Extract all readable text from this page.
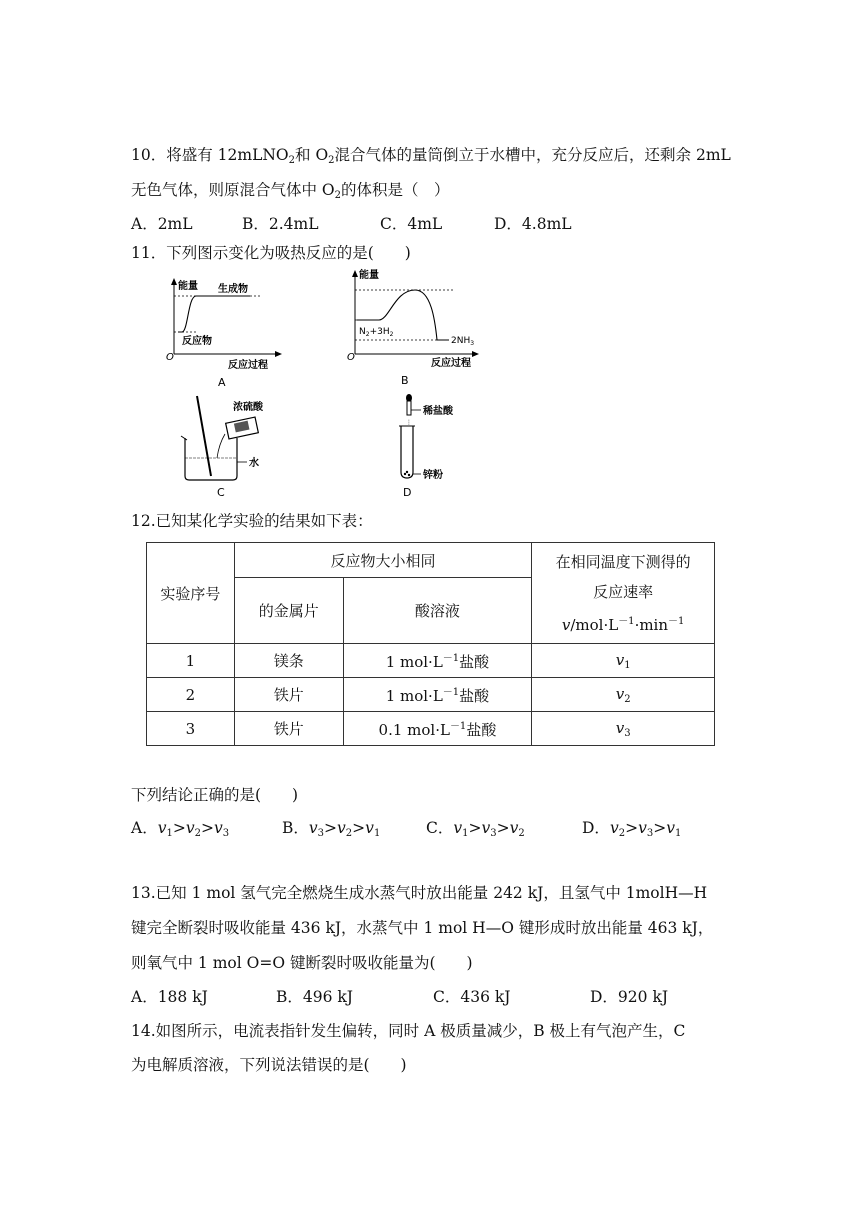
10．将盛有 12mLNO$_2$和 $O_2$混合气体的量筒倒立于水槽中，充分反应后，还剩余 2mL
无色气体，则原混合气体中 $O_2$的体积是（　）
A．2mL	B．2.4mL	C．4mL	D．4.8mL
11．下列图示变化为吸热反应的是(　　)
能量 生成物
反应物
O
反应过程
A
能量
$N_2+3H_2$
$2NH_3$
O
反应过程
B
浓硫酸
水
C
⋮
稀盐酸
锌粉
D
12.已知某化学实验的结果如下表：
实验序号	反应物大小相同		在相同温度下测得的
反应速率
$v/mol\cdot L^{-1}\cdot\min^{-1}$

	的金属片	酸溶液	
1	镁条	1 $mol\cdot L^{-1}$盐酸	$v_1$
2	铁片	1 $mol\cdot L^{-1}$盐酸	$v_2$
3	铁片	0.1 $mol\cdot L^{-1}$盐酸	$v_3$
下列结论正确的是(　　)
A．$v_1>v_2>v_3$	B．$v_3>v_2>v_1$	C．$v_1>v_3>v_2$	D．$v_2>v_3>v_1$
13.已知 1 mol 氢气完全燃烧生成水蒸气时放出能量 242 kJ，且氢气中 1molH—H
键完全断裂时吸收能量 436 kJ，水蒸气中 1 mol H—O 键形成时放出能量 463 kJ，
则氧气中 1 mol O=O 键断裂时吸收能量为(　　)
A．188 kJ	B．496 kJ	C．436 kJ	D．920 kJ
14.如图所示，电流表指针发生偏转，同时 A 极质量减少，B 极上有气泡产生，C
为电解质溶液，下列说法错误的是(　　)
